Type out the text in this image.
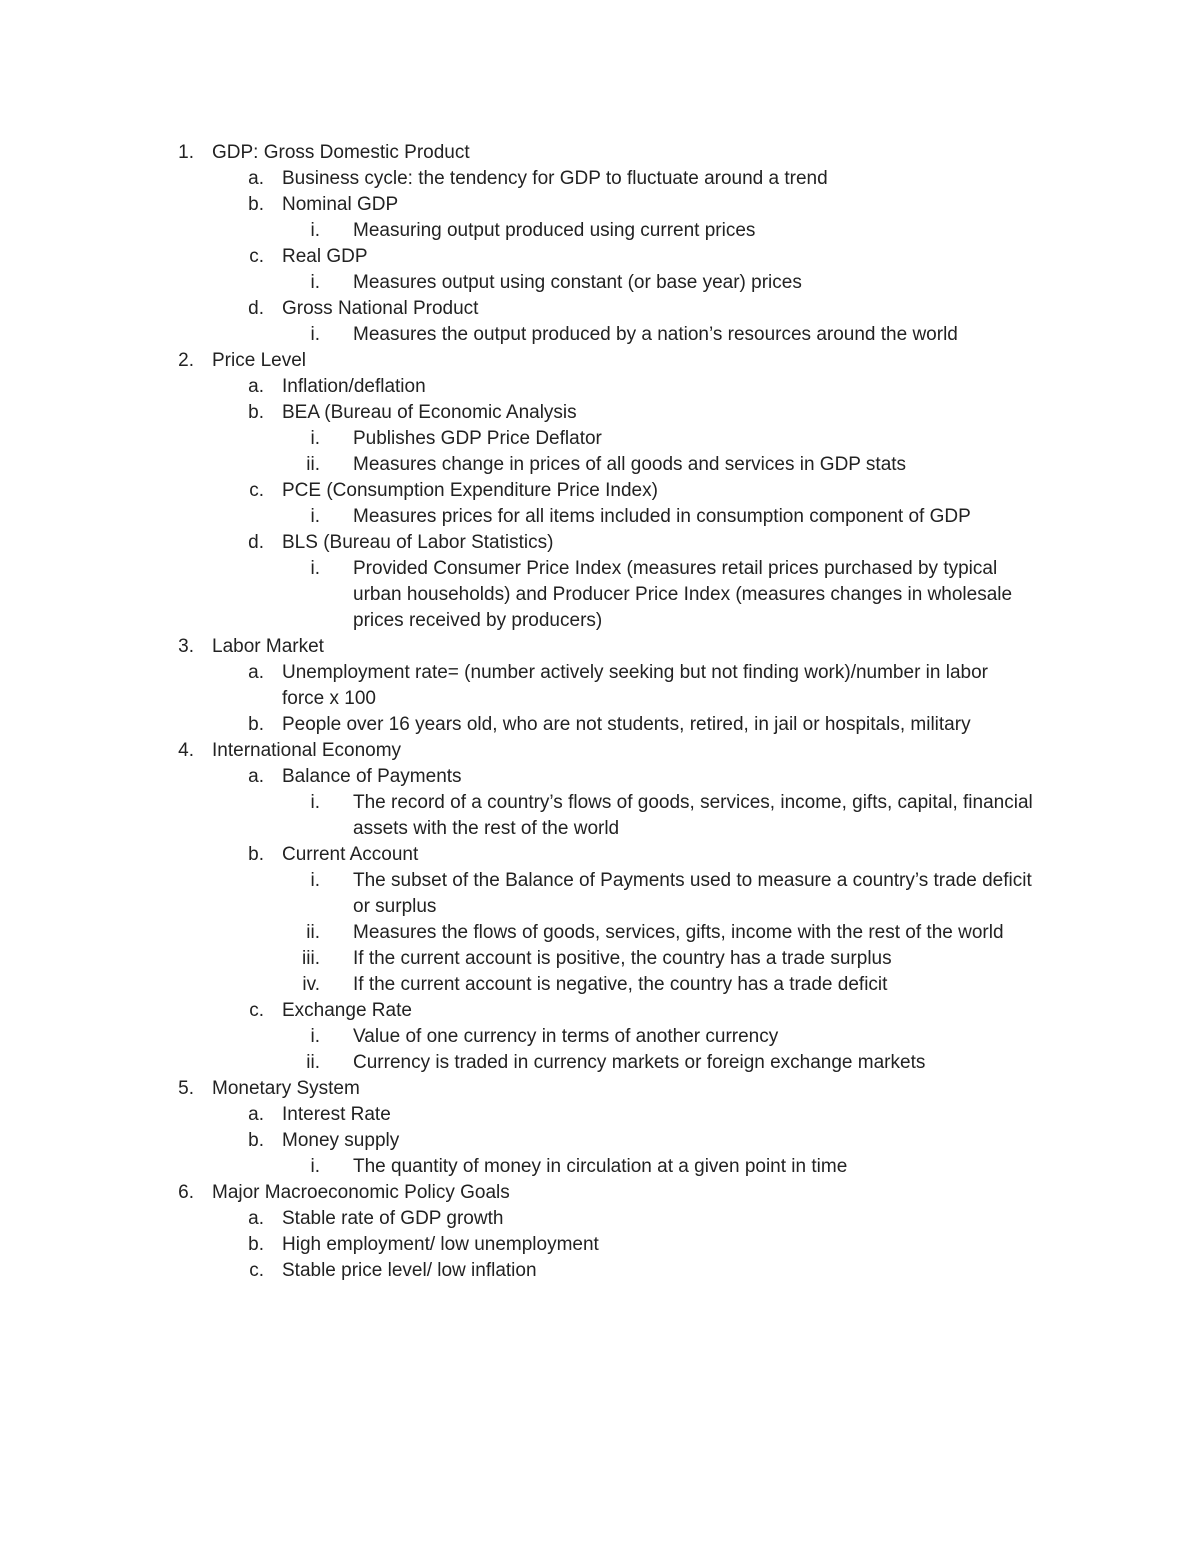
1. GDP: Gross Domestic Product
a. Business cycle: the tendency for GDP to fluctuate around a trend
b. Nominal GDP
i. Measuring output produced using current prices
c. Real GDP
i. Measures output using constant (or base year) prices
d. Gross National Product
i. Measures the output produced by a nation’s resources around the world
2. Price Level
a. Inflation/deflation
b. BEA (Bureau of Economic Analysis
i. Publishes GDP Price Deflator
ii. Measures change in prices of all goods and services in GDP stats
c. PCE (Consumption Expenditure Price Index)
i. Measures prices for all items included in consumption component of GDP
d. BLS (Bureau of Labor Statistics)
i. Provided Consumer Price Index (measures retail prices purchased by typical
urban households) and Producer Price Index (measures changes in wholesale
prices received by producers)
3. Labor Market
a. Unemployment rate= (number actively seeking but not finding work)/number in labor
force x 100
b. People over 16 years old, who are not students, retired, in jail or hospitals, military
4. International Economy
a. Balance of Payments
i. The record of a country’s flows of goods, services, income, gifts, capital, financial
assets with the rest of the world
b. Current Account
i. The subset of the Balance of Payments used to measure a country’s trade deficit
or surplus
ii. Measures the flows of goods, services, gifts, income with the rest of the world
iii. If the current account is positive, the country has a trade surplus
iv. If the current account is negative, the country has a trade deficit
c. Exchange Rate
i. Value of one currency in terms of another currency
ii. Currency is traded in currency markets or foreign exchange markets
5. Monetary System
a. Interest Rate
b. Money supply
i. The quantity of money in circulation at a given point in time
6. Major Macroeconomic Policy Goals
a. Stable rate of GDP growth
b. High employment/ low unemployment
c. Stable price level/ low inflation
